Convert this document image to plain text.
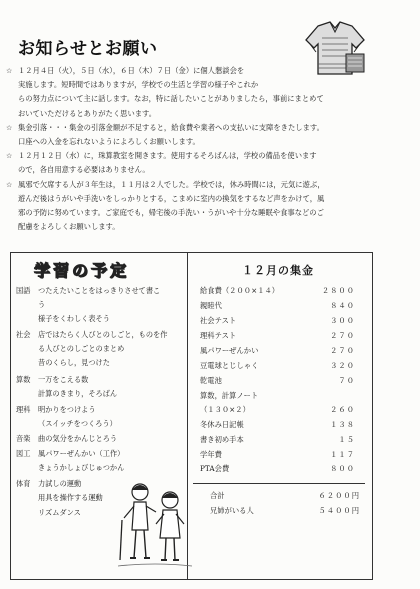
お知らせとお願い
☆ １２月４日（火），５日（水），６日（木）７日（金）に個人懇談会を
実施します。短時間ではありますが，学校での生活と学習の様子やこれか
らの努力点について主に話します。なお，特に話したいことがありましたら，事前にまとめて
おいていただけるとありがたく思います。
☆ 集金引落・・・集金の引落金額が不足すると，給食費や業者への支払いに支障をきたします。
口座への入金を忘れないようによろしくお願いします。
☆ １２月１２日（水）に，珠算教室を開きます。使用するそろばんは，学校の備品を使います
ので，各自用意する必要はありません。
☆ 風邪で欠席する人が３年生は，１１月は２人でした。学校では，休み時間には，元気に遊ぶ，
遊んだ後はうがいや手洗いをしっかりとする，こまめに室内の換気をするなど声をかけて，風
邪の予防に努めています。ご家庭でも，帰宅後の手洗い・うがいや十分な睡眠や食事などのご
配慮をよろしくお願いします。
学習の予定	１２月の集金
国語 つたえたいことをはっきりさせて書こ
う
様子をくわしく表そう
社会 店ではたらく人びとのしごと，ものを作
る人びとのしごとのまとめ
昔のくらし，見つけた
算数 一万をこえる数
計算のきまり，そろばん
理科 明かりをつけよう
（スイッチをつくろう）
音楽 曲の気分をかんじとろう
図工 風パワーぜんかい（工作）
きょうかしょびじゅつかん
体育 力試しの運動
用具を操作する運動
リズムダンス
給食費（２００×１４）	２８００
親睦代	８４０
社会テスト	３００
理科テスト	２７０
風パワーぜんかい	２７０
豆電球とじしゃく	３２０
乾電池	７０
算数，計算ノート
（１３０×２）	２６０
冬休み日記帳	１３８
書き初め手本	１５
学年費	１１７
PTA会費	８００
合計	６２００円
兄姉がいる人	５４００円
